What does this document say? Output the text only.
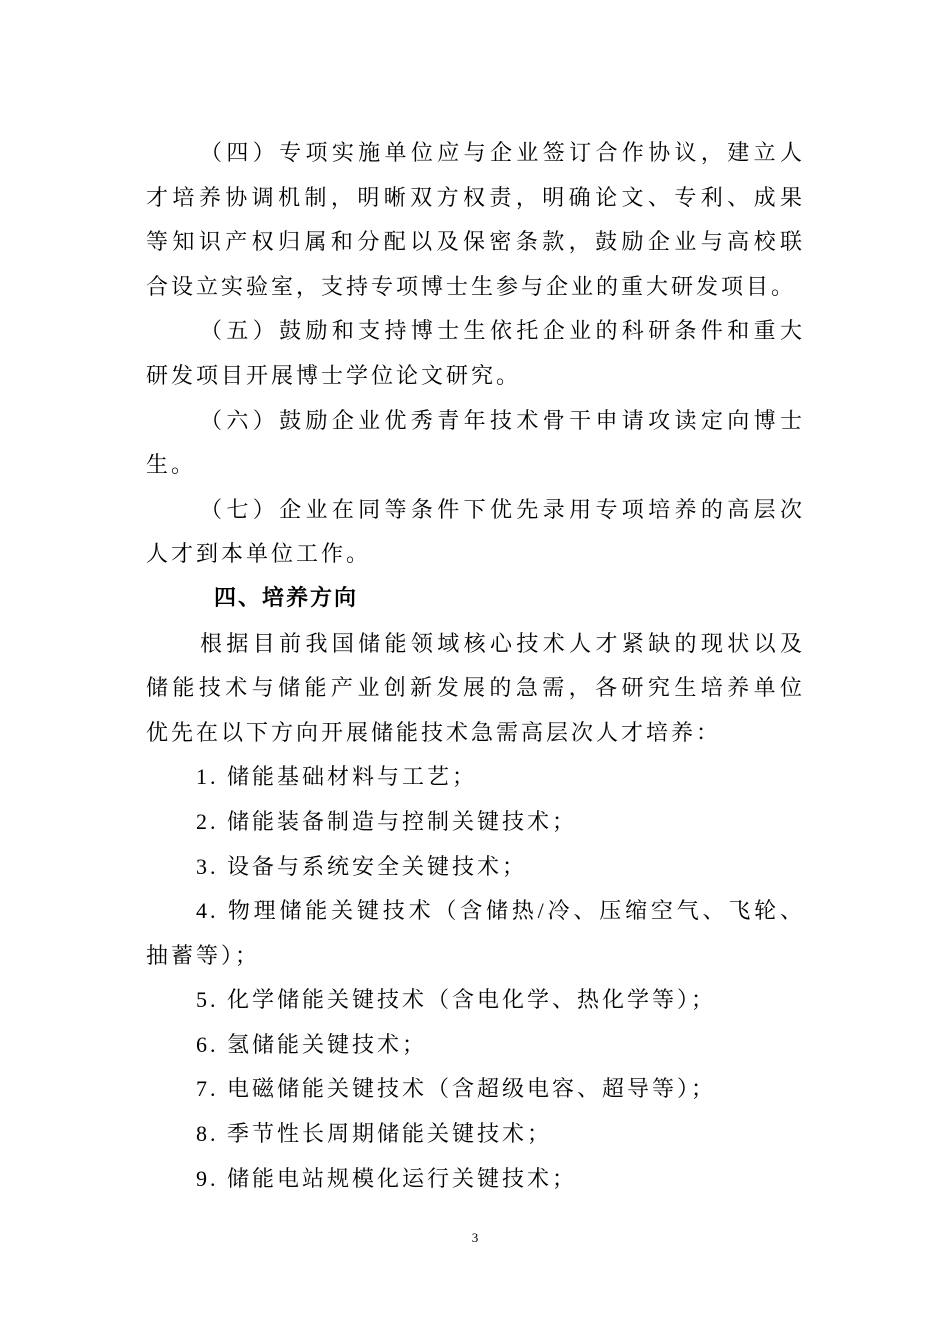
（四）专项实施单位应与企业签订合作协议，建立人
才培养协调机制，明晰双方权责，明确论文、专利、成果
等知识产权归属和分配以及保密条款，鼓励企业与高校联
合设立实验室，支持专项博士生参与企业的重大研发项目。
（五）鼓励和支持博士生依托企业的科研条件和重大
研发项目开展博士学位论文研究。
（六）鼓励企业优秀青年技术骨干申请攻读定向博士
生。
（七）企业在同等条件下优先录用专项培养的高层次
人才到本单位工作。
四、培养方向
根据目前我国储能领域核心技术人才紧缺的现状以及
储能技术与储能产业创新发展的急需，各研究生培养单位
优先在以下方向开展储能技术急需高层次人才培养：
1. 储能基础材料与工艺；
2. 储能装备制造与控制关键技术；
3. 设备与系统安全关键技术；
4. 物理储能关键技术（含储热/冷、压缩空气、飞轮、
抽蓄等）；
5. 化学储能关键技术（含电化学、热化学等）；
6. 氢储能关键技术；
7. 电磁储能关键技术（含超级电容、超导等）；
8. 季节性长周期储能关键技术；
9. 储能电站规模化运行关键技术；
3
